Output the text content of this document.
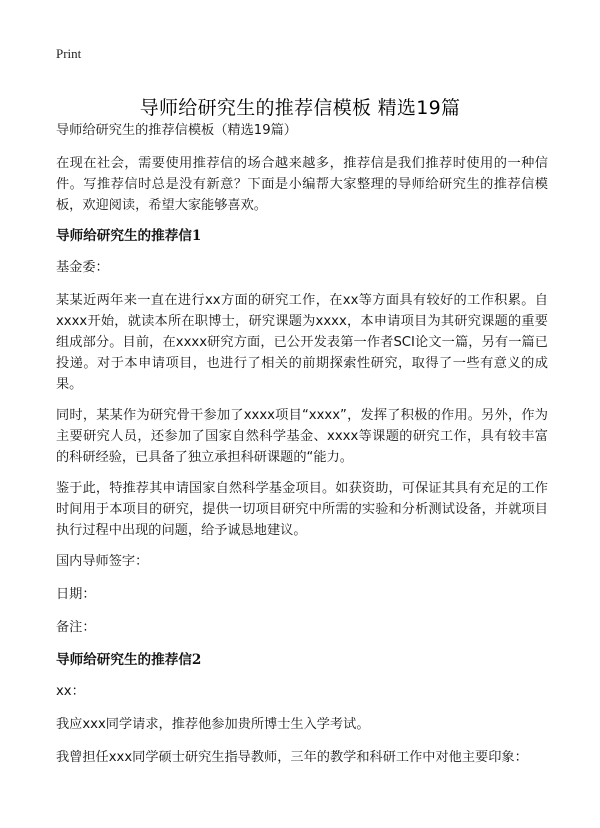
Print
导师给研究生的推荐信模板 精选19篇

导师给研究生的推荐信模板（精选19篇）

在现在社会，需要使用推荐信的场合越来越多，推荐信是我们推荐时使用的一种信件。写推荐信时总是没有新意？下面是小编帮大家整理的导师给研究生的推荐信模板，欢迎阅读，希望大家能够喜欢。

导师给研究生的推荐信1

基金委：

某某近两年来一直在进行xx方面的研究工作，在xx等方面具有较好的工作积累。自xxxx开始，就读本所在职博士，研究课题为xxxx，本申请项目为其研究课题的重要组成部分。目前，在xxxx研究方面，已公开发表第一作者SCI论文一篇，另有一篇已投递。对于本申请项目，也进行了相关的前期探索性研究，取得了一些有意义的成果。

同时，某某作为研究骨干参加了xxxx项目“xxxx”，发挥了积极的作用。另外，作为主要研究人员，还参加了国家自然科学基金、xxxx等课题的研究工作，具有较丰富的科研经验，已具备了独立承担科研课题的“能力。

鉴于此，特推荐其申请国家自然科学基金项目。如获资助，可保证其具有充足的工作时间用于本项目的研究，提供一切项目研究中所需的实验和分析测试设备，并就项目执行过程中出现的问题，给予诚恳地建议。

国内导师签字：

日期：

备注：

导师给研究生的推荐信2

xx：

我应xxx同学请求，推荐他参加贵所博士生入学考试。

我曾担任xxx同学硕士研究生指导教师，三年的教学和科研工作中对他主要印象：
